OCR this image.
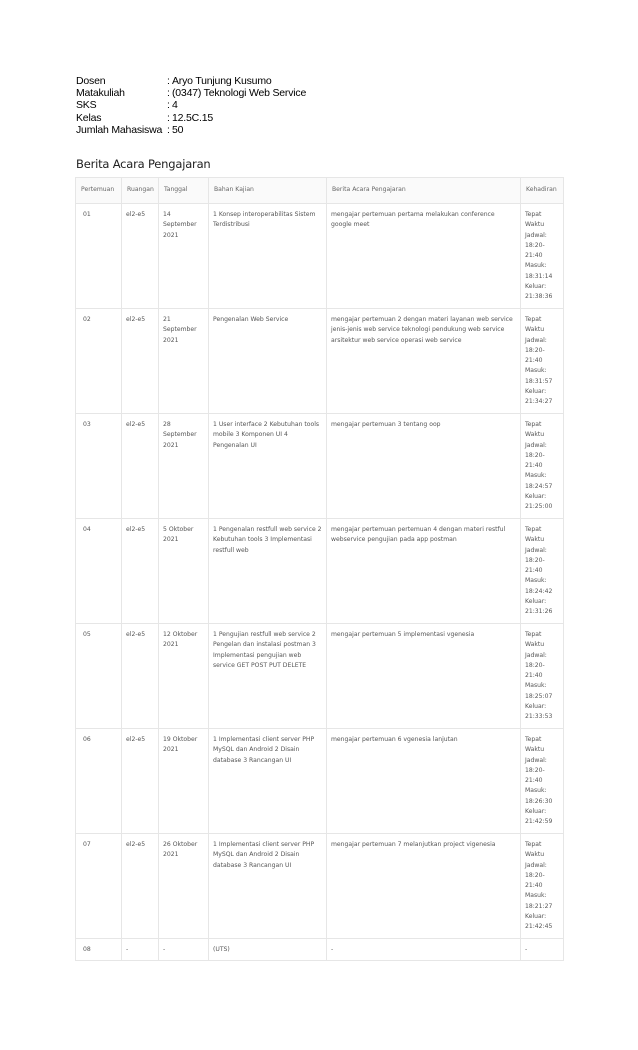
Dosen	: Aryo Tunjung Kusumo
Matakuliah	: (0347) Teknologi Web Service
SKS	: 4
Kelas	: 12.5C.15
Jumlah Mahasiswa : 50
Berita Acara Pengajaran
Pertemuan	Ruangan	Tanggal	Bahan Kajian	Berita Acara Pengajaran	Kehadiran
01	el2-e5	14 September 2021	1 Konsep interoperabilitas Sistem Terdistribusi	mengajar pertemuan pertama melakukan conference google meet	Tepat Waktu Jadwal: 18:20-21:40 Masuk: 18:31:14 Keluar: 21:38:36
02	el2-e5	21 September 2021	Pengenalan Web Service	mengajar pertemuan 2 dengan materi layanan web service jenis-jenis web service teknologi pendukung web service arsitektur web service operasi web service	Tepat Waktu Jadwal: 18:20-21:40 Masuk: 18:31:57 Keluar: 21:34:27
03	el2-e5	28 September 2021	1 User interface 2 Kebutuhan tools mobile 3 Komponen UI 4 Pengenalan UI	mengajar pertemuan 3 tentang oop	Tepat Waktu Jadwal: 18:20-21:40 Masuk: 18:24:57 Keluar: 21:25:00
04	el2-e5	5 Oktober 2021	1 Pengenalan restfull web service 2 Kebutuhan tools 3 Implementasi restfull web	mengajar pertemuan pertemuan 4 dengan materi restful webservice pengujian pada app postman	Tepat Waktu Jadwal: 18:20-21:40 Masuk: 18:24:42 Keluar: 21:31:26
05	el2-e5	12 Oktober 2021	1 Pengujian restfull web service 2 Pengelan dan instalasi postman 3 Implementasi pengujian web service GET POST PUT DELETE	mengajar pertemuan 5 implementasi vgenesia	Tepat Waktu Jadwal: 18:20-21:40 Masuk: 18:25:07 Keluar: 21:33:53
06	el2-e5	19 Oktober 2021	1 Implementasi client server PHP MySQL dan Android 2 Disain database 3 Rancangan UI	mengajar pertemuan 6 vgenesia lanjutan	Tepat Waktu Jadwal: 18:20-21:40 Masuk: 18:26:30 Keluar: 21:42:59
07	el2-e5	26 Oktober 2021	1 Implementasi client server PHP MySQL dan Android 2 Disain database 3 Rancangan UI	mengajar pertemuan 7 melanjutkan project vigenesia	Tepat Waktu Jadwal: 18:20-21:40 Masuk: 18:21:27 Keluar: 21:42:45
08	-	-	(UTS)	-	-
